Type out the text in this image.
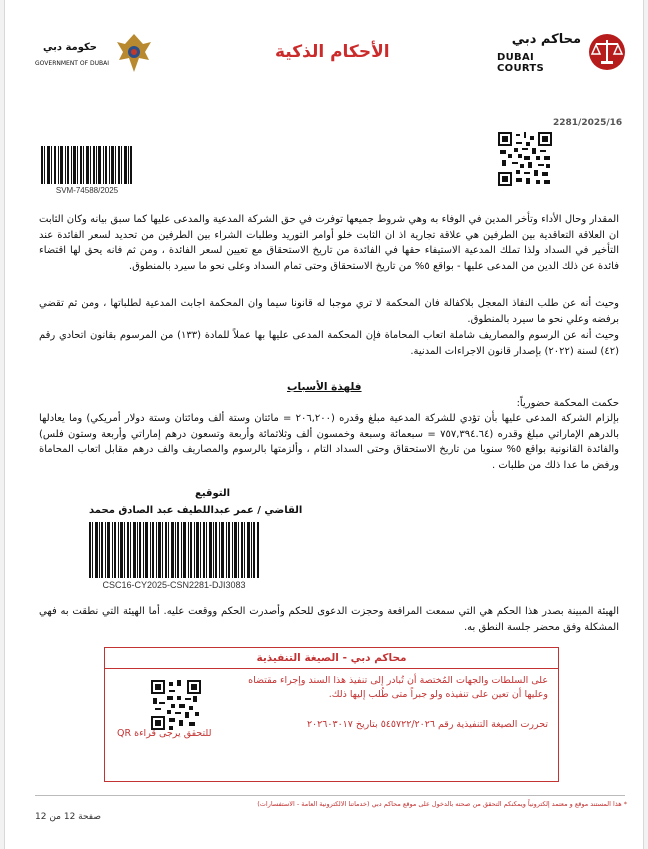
محاكم دبي
DUBAI COURTS
الأحكام الذكية
حكومة دبي
GOVERNMENT OF DUBAI
2281/2025/16
SVM-74588/2025
المقدار وحال الأداء وتأخر المدين في الوفاء به وهي شروط جميعها توفرت في حق الشركة المدعية والمدعى عليها كما سبق بيانه وكان الثابت ان العلاقة التعاقدية بين الطرفين هي علاقة تجارية اذ ان الثابت خلو أوامر التوريد وطلبات الشراء بين الطرفين من تحديد لسعر الفائدة عند التأخير في السداد ولذا تملك المدعية الاستيفاء حقها في الفائدة من تاريخ الاستحقاق مع تعيين لسعر الفائدة ، ومن ثم فانه يحق لها اقتضاء فائدة عن ذلك الدين من المدعى عليها - بواقع ٥% من تاريخ الاستحقاق وحتى تمام السداد وعلى نحو ما سيرد بالمنطوق.
وحيث أنه عن طلب النفاذ المعجل بلاكفالة فان المحكمة لا تري موجبا له قانونا سيما وان المحكمة اجابت المدعية لطلباتها ، ومن ثم تقضي برفضه وعلي نحو ما سيرد بالمنطوق.
وحيث أنه عن الرسوم والمصاريف شاملة اتعاب المحاماة فإن المحكمة المدعى عليها بها عملاً للمادة (١٣٣) من المرسوم بقانون اتحادي رقم (٤٢) لسنة (٢٠٢٢) بإصدار قانون الاجراءات المدنية.
فلهذة الأسباب
حكمت المحكمة حضورياً:
بإلزام الشركة المدعى عليها بأن تؤدي للشركة المدعية مبلغ وقدره (٢٠٦,٢٠٠ = مائتان وستة ألف ومائتان وستة دولار أمريكي) وما يعادلها بالدرهم الإماراتي مبلغ وقدره (٧٥٧,٣٩٤.٦٤ = سبعمائة وسبعة وخمسون ألف وثلاثمائة وأربعة وتسعون درهم إماراتي وأربعة وستون فلس) والفائدة القانونية بواقع ٥% سنويا من تاريخ الاستحقاق وحتى السداد التام ، وألزمتها بالرسوم والمصاريف والف درهم مقابل اتعاب المحاماة ورفض ما عدا ذلك من طلبات .
التوقيع
القاضي / عمر عبداللطيف عبد الصادق محمد
CSC16-CY2025-CSN2281-DJI3083
الهيئة المبينة بصدر هذا الحكم هي التي سمعت المرافعة وحجزت الدعوى للحكم وأصدرت الحكم ووقعت عليه. أما الهيئة التي نطقت به فهي المشكلة وفق محضر جلسة النطق به.
محاكم دبي - الصيغة التنفيذية
على السلطات والجهات المُختصة أن تُبادر إلى تنفيذ هذا السند وإجراء مقتضاه وعليها أن تعين على تنفيذه ولو جبراً متى طُلب إليها ذلك.
تحررت الصيغة التنفيذية رقم ٥٤٥٧٢٢/٢٠٢٦ بتاريخ ٢٠٢٦٠٣٠١٧
للتحقق يرجى قراءة QR
* هذا المستند موقع و معتمد إلكترونياً ويمكنكم التحقق من صحته بالدخول على موقع محاكم دبي (خدماتنا الالكترونية العامة - الاستفسارات)
صفحة 12 من 12
